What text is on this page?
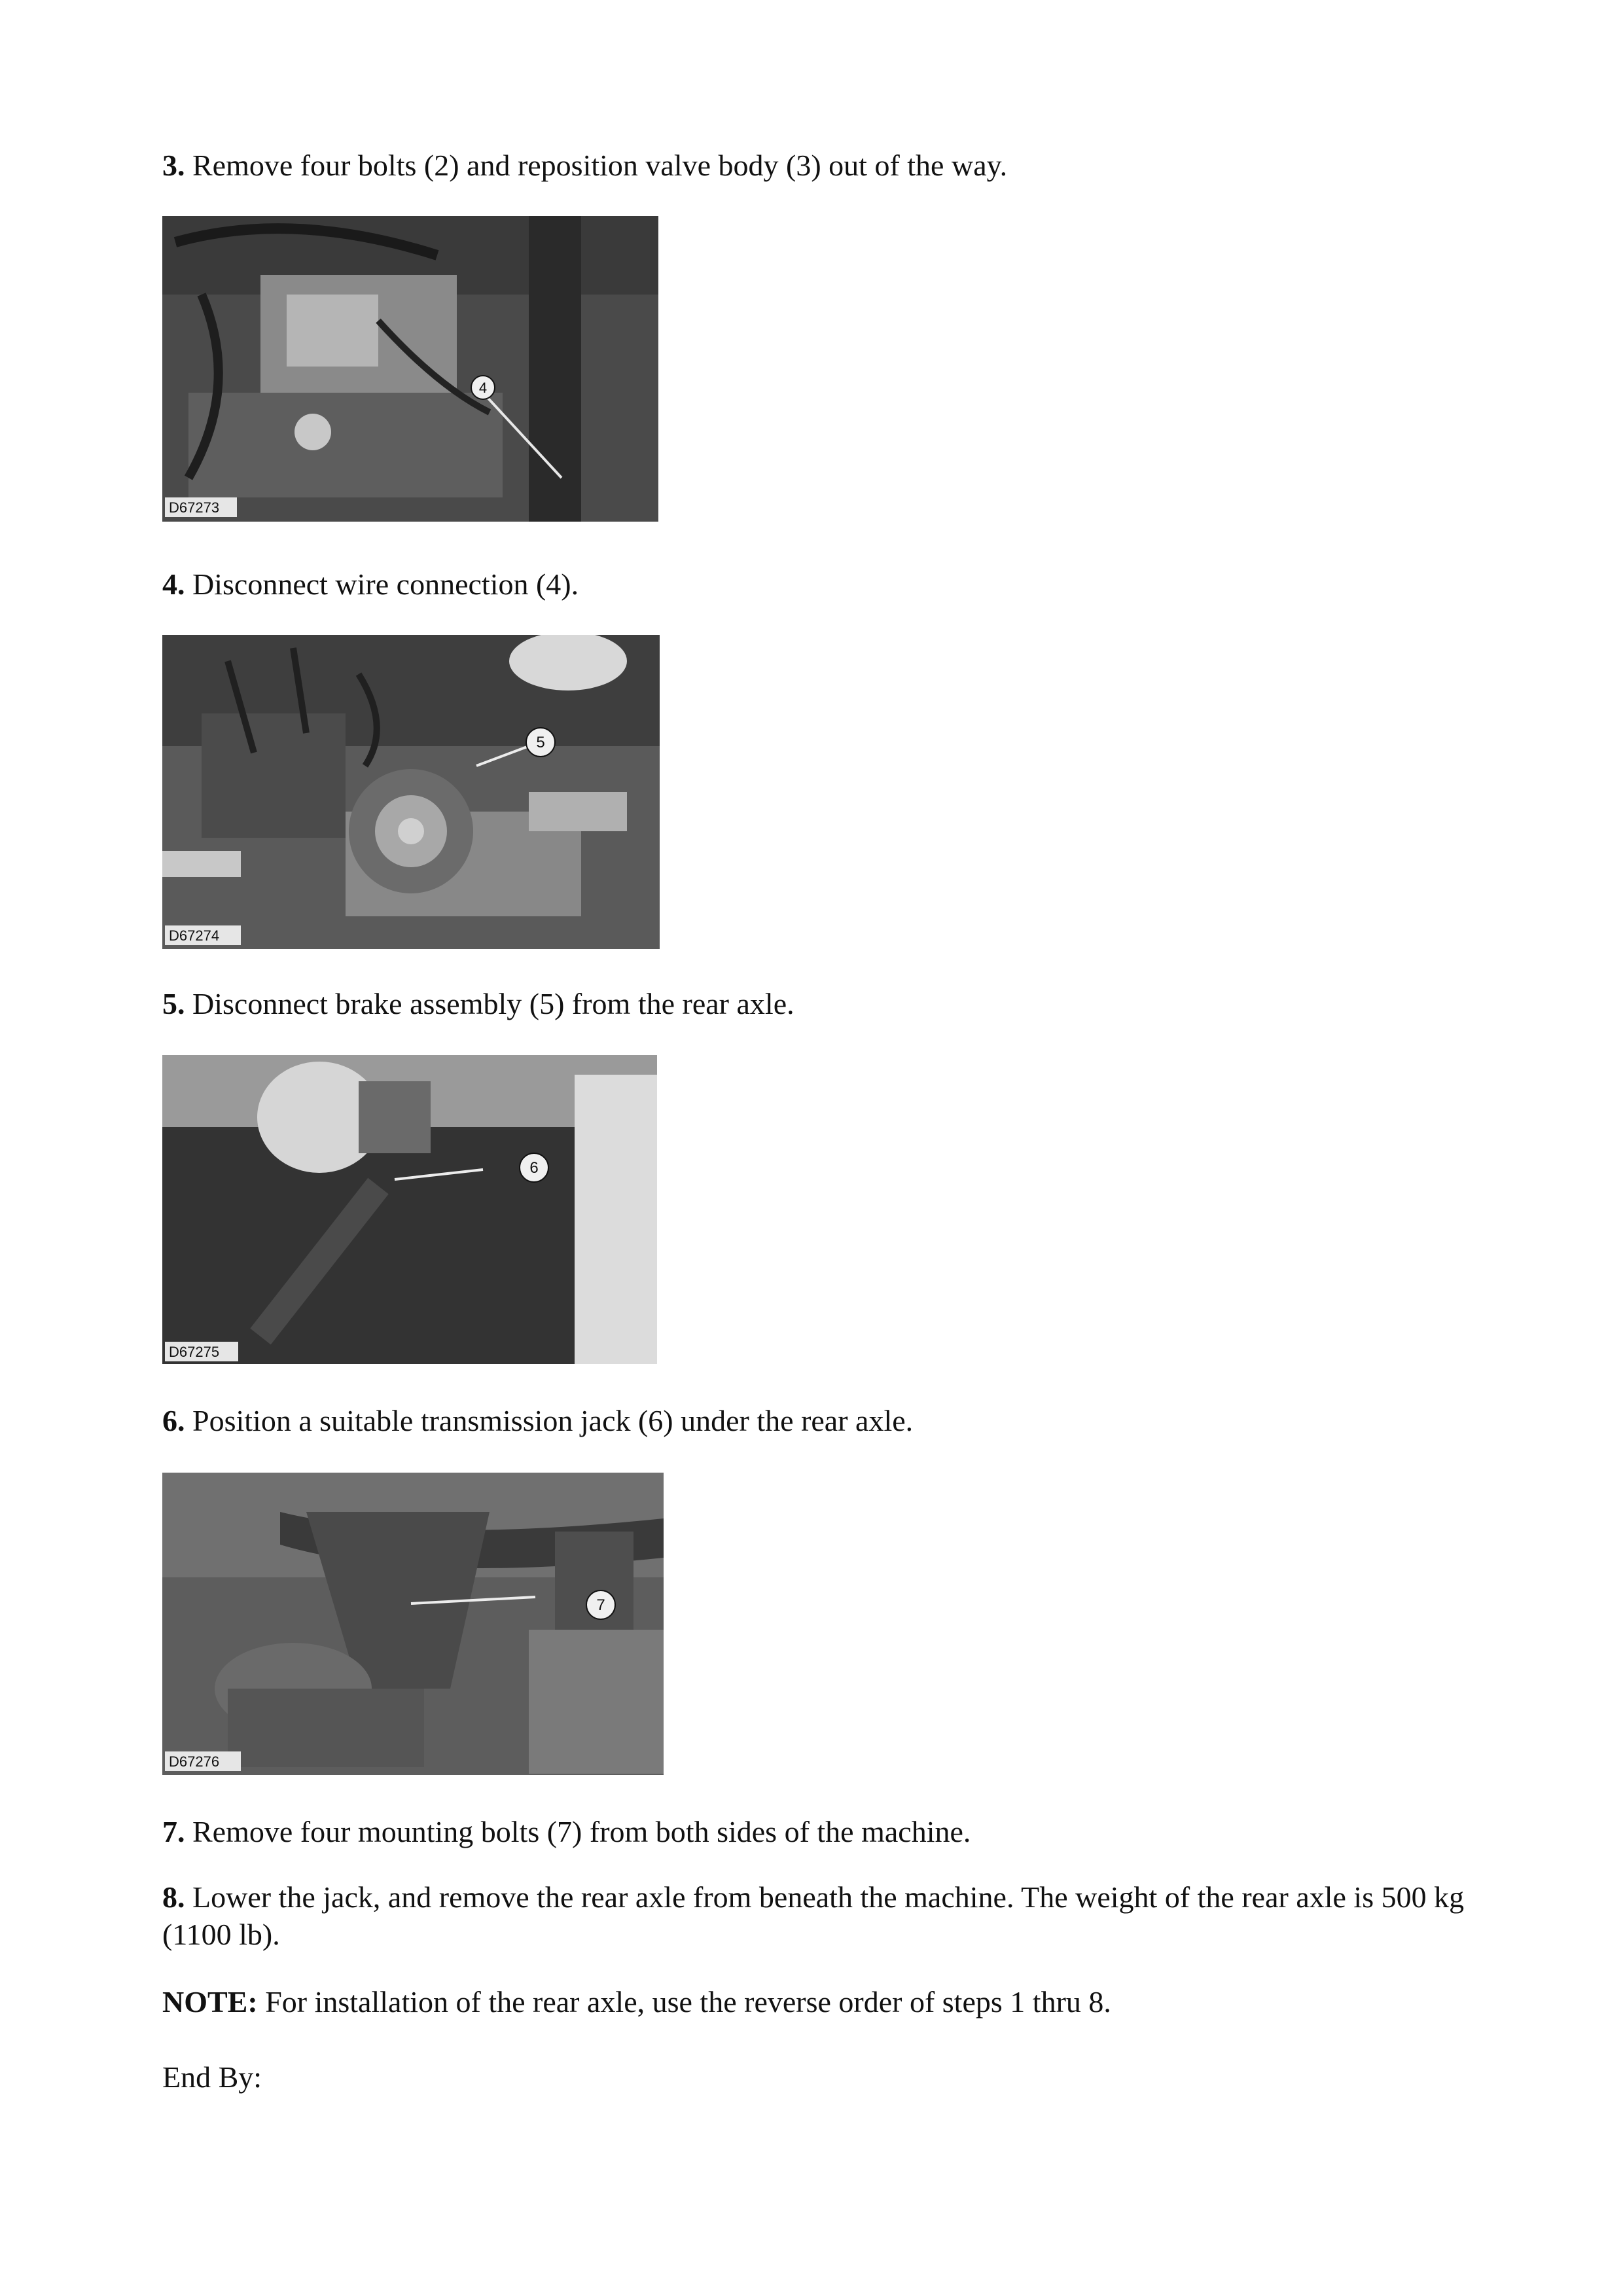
3. Remove four bolts (2) and reposition valve body (3) out of the way.

4
D67273

4. Disconnect wire connection (4).

5
D67274

5. Disconnect brake assembly (5) from the rear axle.

6
D67275

6. Position a suitable transmission jack (6) under the rear axle.

7
D67276

7. Remove four mounting bolts (7) from both sides of the machine.

8. Lower the jack, and remove the rear axle from beneath the machine. The weight of the rear axle is 500 kg (1100 lb).

NOTE: For installation of the rear axle, use the reverse order of steps 1 thru 8.

End By:
